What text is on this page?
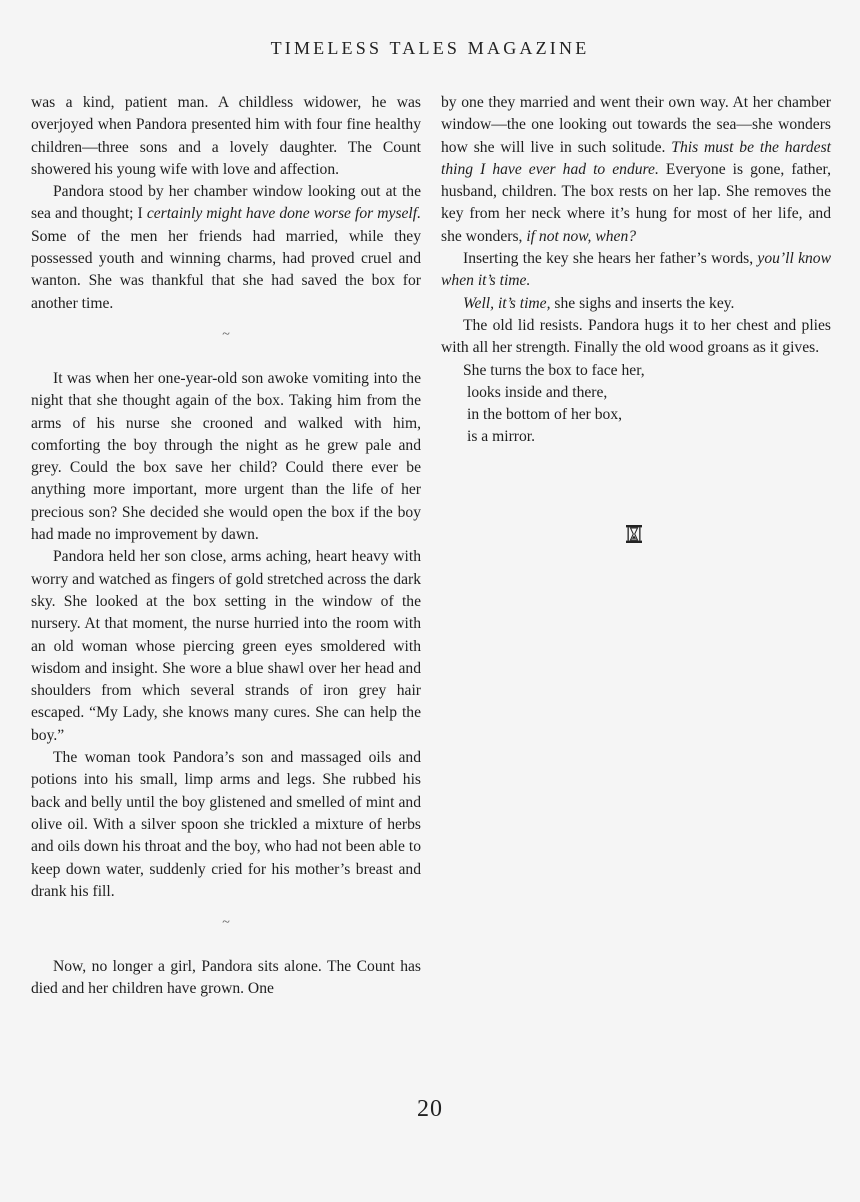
TIMELESS TALES MAGAZINE

was a kind, patient man. A childless widower, he was overjoyed when Pandora presented him with four fine healthy children—three sons and a lovely daughter. The Count showered his young wife with love and affection.

Pandora stood by her chamber window looking out at the sea and thought; I certainly might have done worse for myself. Some of the men her friends had married, while they possessed youth and winning charms, had proved cruel and wanton. She was thankful that she had saved the box for another time.

~

It was when her one-year-old son awoke vomiting into the night that she thought again of the box. Taking him from the arms of his nurse she crooned and walked with him, comforting the boy through the night as he grew pale and grey. Could the box save her child? Could there ever be anything more important, more urgent than the life of her precious son? She decided she would open the box if the boy had made no improvement by dawn.

Pandora held her son close, arms aching, heart heavy with worry and watched as fingers of gold stretched across the dark sky. She looked at the box setting in the window of the nursery. At that moment, the nurse hurried into the room with an old woman whose piercing green eyes smoldered with wisdom and insight. She wore a blue shawl over her head and shoulders from which several strands of iron grey hair escaped. “My Lady, she knows many cures. She can help the boy.”

The woman took Pandora’s son and massaged oils and potions into his small, limp arms and legs. She rubbed his back and belly until the boy glistened and smelled of mint and olive oil. With a silver spoon she trickled a mixture of herbs and oils down his throat and the boy, who had not been able to keep down water, suddenly cried for his mother’s breast and drank his fill.

~

Now, no longer a girl, Pandora sits alone. The Count has died and her children have grown. One

by one they married and went their own way. At her chamber window—the one looking out towards the sea—she wonders how she will live in such solitude. This must be the hardest thing I have ever had to endure. Everyone is gone, father, husband, children. The box rests on her lap. She removes the key from her neck where it’s hung for most of her life, and she wonders, if not now, when?

Inserting the key she hears her father’s words, you’ll know when it’s time.

Well, it’s time, she sighs and inserts the key.

The old lid resists. Pandora hugs it to her chest and plies with all her strength. Finally the old wood groans as it gives.

She turns the box to face her,
looks inside and there,
in the bottom of her box,
is a mirror.
20
